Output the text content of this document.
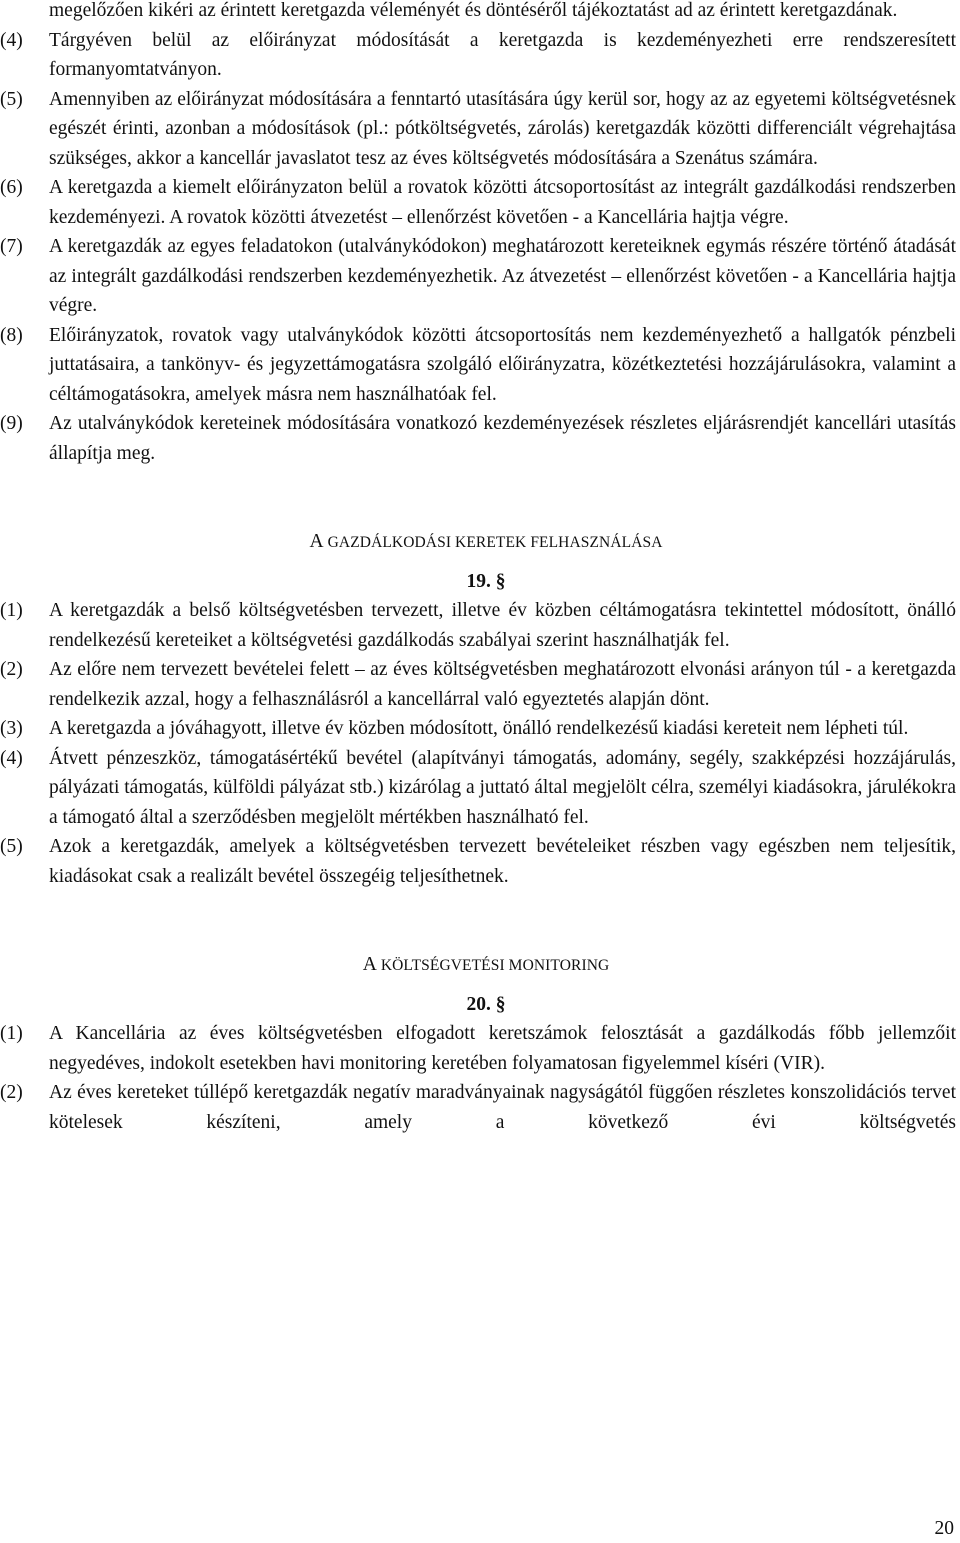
megelőzően kikéri az érintett keretgazda véleményét és döntéséről tájékoztatást ad az érintett keretgazdának.

(4) Tárgyéven belül az előirányzat módosítását a keretgazda is kezdeményezheti erre rendszeresített formanyomtatványon.

(5) Amennyiben az előirányzat módosítására a fenntartó utasítására úgy kerül sor, hogy az az egyetemi költségvetésnek egészét érinti, azonban a módosítások (pl.: pótköltségvetés, zárolás) keretgazdák közötti differenciált végrehajtása szükséges, akkor a kancellár javaslatot tesz az éves költségvetés módosítására a Szenátus számára.

(6) A keretgazda a kiemelt előirányzaton belül a rovatok közötti átcsoportosítást az integrált gazdálkodási rendszerben kezdeményezi. A rovatok közötti átvezetést – ellenőrzést követően - a Kancellária hajtja végre.

(7) A keretgazdák az egyes feladatokon (utalványkódokon) meghatározott kereteiknek egymás részére történő átadását az integrált gazdálkodási rendszerben kezdeményezhetik. Az átvezetést – ellenőrzést követően - a Kancellária hajtja végre.

(8) Előirányzatok, rovatok vagy utalványkódok közötti átcsoportosítás nem kezdeményezhető a hallgatók pénzbeli juttatásaira, a tankönyv- és jegyzettámogatásra szolgáló előirányzatra, közétkeztetési hozzájárulásokra, valamint a céltámogatásokra, amelyek másra nem használhatóak fel.

(9) Az utalványkódok kereteinek módosítására vonatkozó kezdeményezések részletes eljárásrendjét kancellári utasítás állapítja meg.

A GAZDÁLKODÁSI KERETEK FELHASZNÁLÁSA

19. §

(1) A keretgazdák a belső költségvetésben tervezett, illetve év közben céltámogatásra tekintettel módosított, önálló rendelkezésű kereteiket a költségvetési gazdálkodás szabályai szerint használhatják fel.

(2) Az előre nem tervezett bevételei felett – az éves költségvetésben meghatározott elvonási arányon túl - a keretgazda rendelkezik azzal, hogy a felhasználásról a kancellárral való egyeztetés alapján dönt.

(3) A keretgazda a jóváhagyott, illetve év közben módosított, önálló rendelkezésű kiadási kereteit nem lépheti túl.

(4) Átvett pénzeszköz, támogatásértékű bevétel (alapítványi támogatás, adomány, segély, szakképzési hozzájárulás, pályázati támogatás, külföldi pályázat stb.) kizárólag a juttató által megjelölt célra, személyi kiadásokra, járulékokra a támogató által a szerződésben megjelölt mértékben használható fel.

(5) Azok a keretgazdák, amelyek a költségvetésben tervezett bevételeiket részben vagy egészben nem teljesítik, kiadásokat csak a realizált bevétel összegéig teljesíthetnek.

A KÖLTSÉGVETÉSI MONITORING

20. §

(1) A Kancellária az éves költségvetésben elfogadott keretszámok felosztását a gazdálkodás főbb jellemzőit negyedéves, indokolt esetekben havi monitoring keretében folyamatosan figyelemmel kíséri (VIR).

(2) Az éves kereteket túllépő keretgazdák negatív maradványainak nagyságától függően részletes konszolidációs tervet kötelesek készíteni, amely a következő évi költségvetés

20
